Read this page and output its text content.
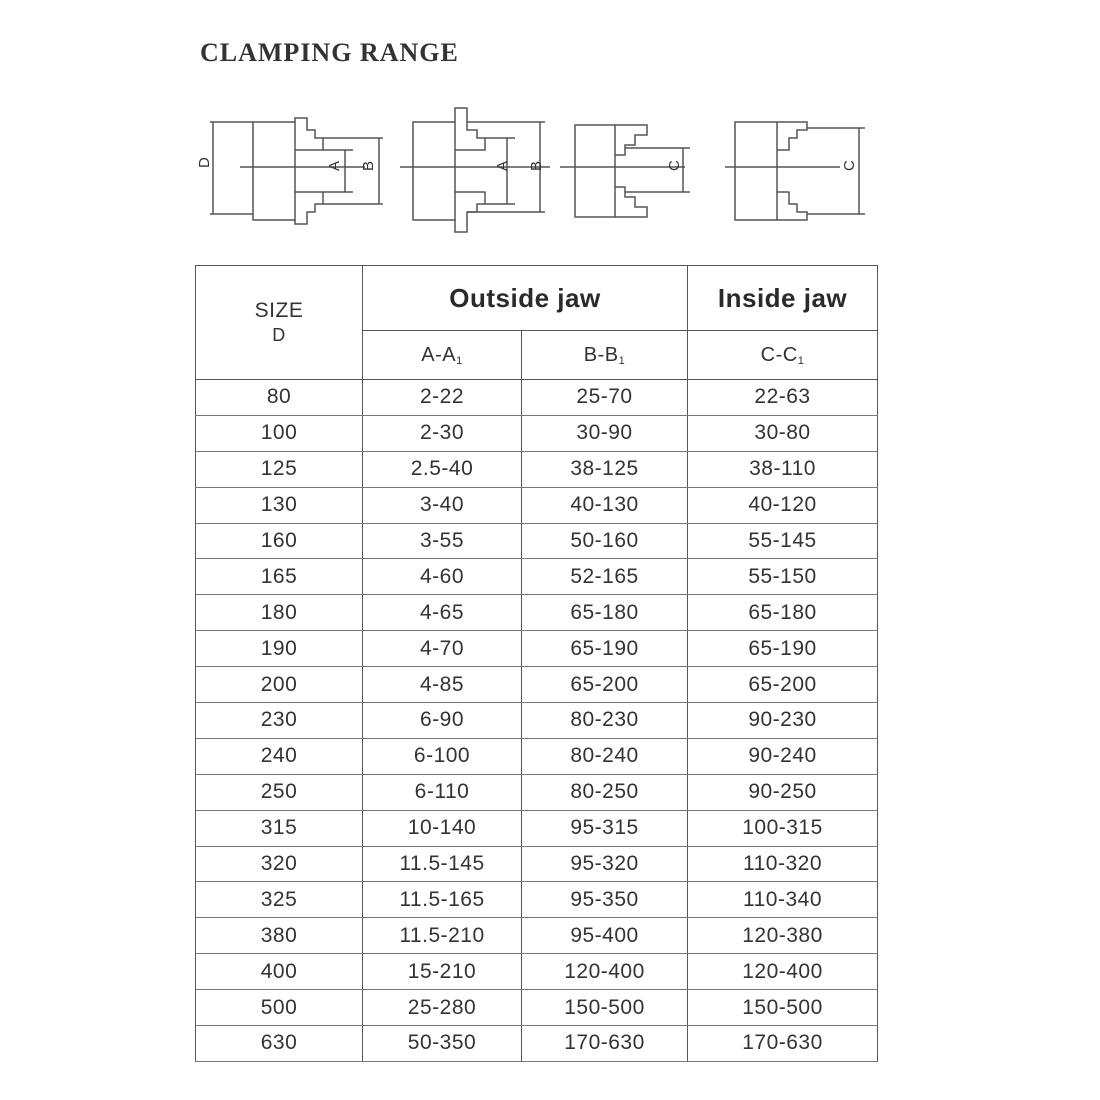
CLAMPING RANGE
D	A B	A B	C	C
SIZE
D	Outside jaw		Inside jaw
	$A-A_1$	$B-B_1$	$C-C_1$
80	2-22	25-70	22-63
100	2-30	30-90	30-80
125	2.5-40	38-125	38-110
130	3-40	40-130	40-120
160	3-55	50-160	55-145
165	4-60	52-165	55-150
180	4-65	65-180	65-180
190	4-70	65-190	65-190
200	4-85	65-200	65-200
230	6-90	80-230	90-230
240	6-100	80-240	90-240
250	6-110	80-250	90-250
315	10-140	95-315	100-315
320	11.5-145	95-320	110-320
325	11.5-165	95-350	110-340
380	11.5-210	95-400	120-380
400	15-210	120-400	120-400
500	25-280	150-500	150-500
630	50-350	170-630	170-630
